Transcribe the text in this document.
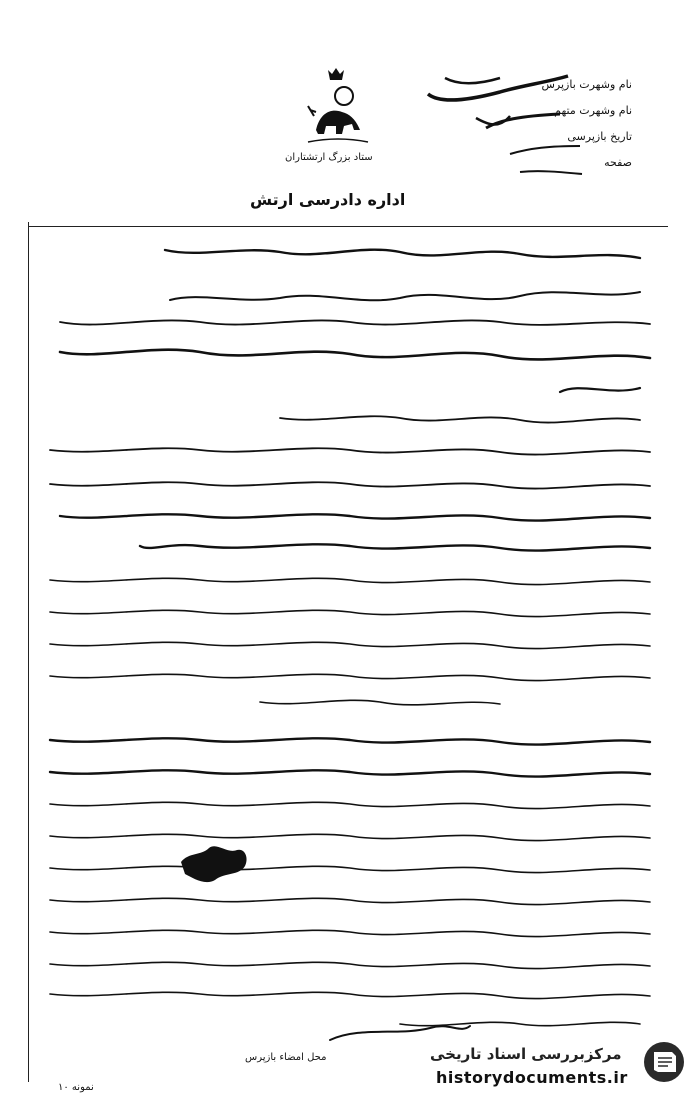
نام وشهرت بازپرس
نام وشهرت متهم
تاریخ بازپرسی
صفحه
ستاد بزرگ ارتشتاران
اداره دادرسی ارتش
محل امضاء بازپرس
نمونه ۱۰
مرکزبررسی اسناد تاریخی
historydocuments.ir
